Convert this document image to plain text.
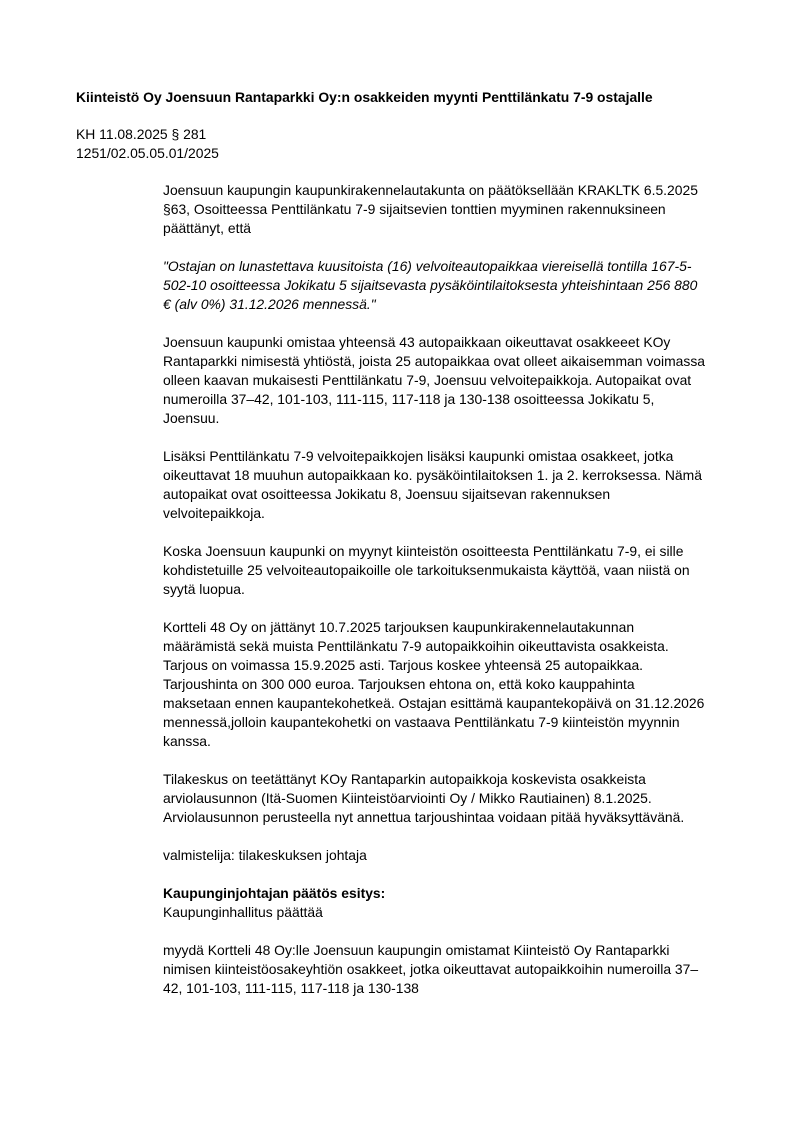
Kiinteistö Oy Joensuun Rantaparkki Oy:n osakkeiden myynti Penttilänkatu 7-9 ostajalle
KH 11.08.2025 § 281
1251/02.05.05.01/2025
Joensuun kaupungin kaupunkirakennelautakunta on päätöksellään KRAKLTK 6.5.2025
§63, Osoitteessa Penttilänkatu 7-9 sijaitsevien tonttien myyminen rakennuksineen
päättänyt, että
"Ostajan on lunastettava kuusitoista (16) velvoiteautopaikkaa viereisellä tontilla 167-5-
502-10 osoitteessa Jokikatu 5 sijaitsevasta pysäköintilaitoksesta yhteishintaan 256 880
€ (alv 0%) 31.12.2026 mennessä."
Joensuun kaupunki omistaa yhteensä 43 autopaikkaan oikeuttavat osakkeeet KOy
Rantaparkki nimisestä yhtiöstä, joista 25 autopaikkaa ovat olleet aikaisemman voimassa
olleen kaavan mukaisesti Penttilänkatu 7-9, Joensuu velvoitepaikkoja. Autopaikat ovat
numeroilla 37–42, 101-103, 111-115, 117-118 ja 130-138 osoitteessa Jokikatu 5,
Joensuu.
Lisäksi Penttilänkatu 7-9 velvoitepaikkojen lisäksi kaupunki omistaa osakkeet, jotka
oikeuttavat 18 muuhun autopaikkaan ko. pysäköintilaitoksen 1. ja 2. kerroksessa. Nämä
autopaikat ovat osoitteessa Jokikatu 8, Joensuu sijaitsevan rakennuksen
velvoitepaikkoja.
Koska Joensuun kaupunki on myynyt kiinteistön osoitteesta Penttilänkatu 7-9, ei sille
kohdistetuille 25 velvoiteautopaikoille ole tarkoituksenmukaista käyttöä, vaan niistä on
syytä luopua.
Kortteli 48 Oy on jättänyt 10.7.2025 tarjouksen kaupunkirakennelautakunnan
määrämistä sekä muista Penttilänkatu 7-9 autopaikkoihin oikeuttavista osakkeista.
Tarjous on voimassa 15.9.2025 asti. Tarjous koskee yhteensä 25 autopaikkaa.
Tarjoushinta on 300 000 euroa. Tarjouksen ehtona on, että koko kauppahinta
maksetaan ennen kaupantekohetkeä. Ostajan esittämä kaupantekopäivä on 31.12.2026
mennessä,jolloin kaupantekohetki on vastaava Penttilänkatu 7-9 kiinteistön myynnin
kanssa.
Tilakeskus on teetättänyt KOy Rantaparkin autopaikkoja koskevista osakkeista
arviolausunnon (Itä-Suomen Kiinteistöarviointi Oy / Mikko Rautiainen) 8.1.2025.
Arviolausunnon perusteella nyt annettua tarjoushintaa voidaan pitää hyväksyttävänä.
valmistelija: tilakeskuksen johtaja
Kaupunginjohtajan päätös esitys:
Kaupunginhallitus päättää
myydä Kortteli 48 Oy:lle Joensuun kaupungin omistamat Kiinteistö Oy Rantaparkki
nimisen kiinteistöosakeyhtiön osakkeet, jotka oikeuttavat autopaikkoihin numeroilla 37–
42, 101-103, 111-115, 117-118 ja 130-138
